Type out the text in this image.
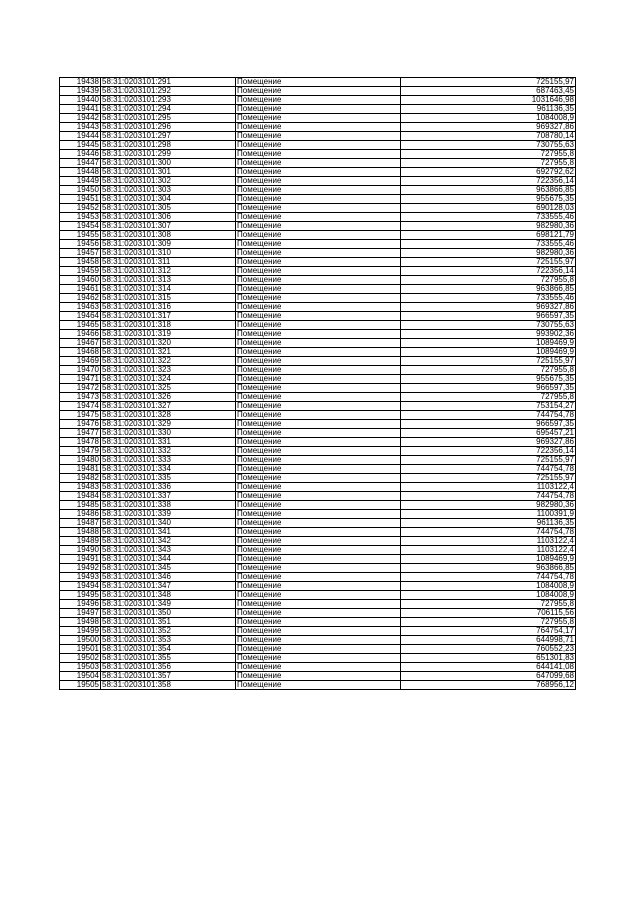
19438	58:31:0203101:291	Помещение	725155,97
19439	58:31:0203101:292	Помещение	687463,45
19440	58:31:0203101:293	Помещение	1031646,98
19441	58:31:0203101:294	Помещение	961136,35
19442	58:31:0203101:295	Помещение	1084008,9
19443	58:31:0203101:296	Помещение	969327,86
19444	58:31:0203101:297	Помещение	708780,14
19445	58:31:0203101:298	Помещение	730755,63
19446	58:31:0203101:299	Помещение	727955,8
19447	58:31:0203101:300	Помещение	727955,8
19448	58:31:0203101:301	Помещение	692792,62
19449	58:31:0203101:302	Помещение	722356,14
19450	58:31:0203101:303	Помещение	963866,85
19451	58:31:0203101:304	Помещение	955675,35
19452	58:31:0203101:305	Помещение	690128,03
19453	58:31:0203101:306	Помещение	733555,46
19454	58:31:0203101:307	Помещение	982980,36
19455	58:31:0203101:308	Помещение	698121,79
19456	58:31:0203101:309	Помещение	733555,46
19457	58:31:0203101:310	Помещение	982980,36
19458	58:31:0203101:311	Помещение	725155,97
19459	58:31:0203101:312	Помещение	722356,14
19460	58:31:0203101:313	Помещение	727955,8
19461	58:31:0203101:314	Помещение	963866,85
19462	58:31:0203101:315	Помещение	733555,46
19463	58:31:0203101:316	Помещение	969327,86
19464	58:31:0203101:317	Помещение	966597,35
19465	58:31:0203101:318	Помещение	730755,63
19466	58:31:0203101:319	Помещение	993902,36
19467	58:31:0203101:320	Помещение	1089469,9
19468	58:31:0203101:321	Помещение	1089469,9
19469	58:31:0203101:322	Помещение	725155,97
19470	58:31:0203101:323	Помещение	727955,8
19471	58:31:0203101:324	Помещение	955675,35
19472	58:31:0203101:325	Помещение	966597,35
19473	58:31:0203101:326	Помещение	727955,8
19474	58:31:0203101:327	Помещение	753154,27
19475	58:31:0203101:328	Помещение	744754,78
19476	58:31:0203101:329	Помещение	966597,35
19477	58:31:0203101:330	Помещение	695457,21
19478	58:31:0203101:331	Помещение	969327,86
19479	58:31:0203101:332	Помещение	722356,14
19480	58:31:0203101:333	Помещение	725155,97
19481	58:31:0203101:334	Помещение	744754,78
19482	58:31:0203101:335	Помещение	725155,97
19483	58:31:0203101:336	Помещение	1103122,4
19484	58:31:0203101:337	Помещение	744754,78
19485	58:31:0203101:338	Помещение	982980,36
19486	58:31:0203101:339	Помещение	1100391,9
19487	58:31:0203101:340	Помещение	961136,35
19488	58:31:0203101:341	Помещение	744754,78
19489	58:31:0203101:342	Помещение	1103122,4
19490	58:31:0203101:343	Помещение	1103122,4
19491	58:31:0203101:344	Помещение	1089469,9
19492	58:31:0203101:345	Помещение	963866,85
19493	58:31:0203101:346	Помещение	744754,78
19494	58:31:0203101:347	Помещение	1084008,9
19495	58:31:0203101:348	Помещение	1084008,9
19496	58:31:0203101:349	Помещение	727955,8
19497	58:31:0203101:350	Помещение	706115,56
19498	58:31:0203101:351	Помещение	727955,8
19499	58:31:0203101:352	Помещение	764754,17
19500	58:31:0203101:353	Помещение	644998,71
19501	58:31:0203101:354	Помещение	760552,23
19502	58:31:0203101:355	Помещение	651301,83
19503	58:31:0203101:356	Помещение	644141,08
19504	58:31:0203101:357	Помещение	647099,68
19505	58:31:0203101:358	Помещение	768956,12
